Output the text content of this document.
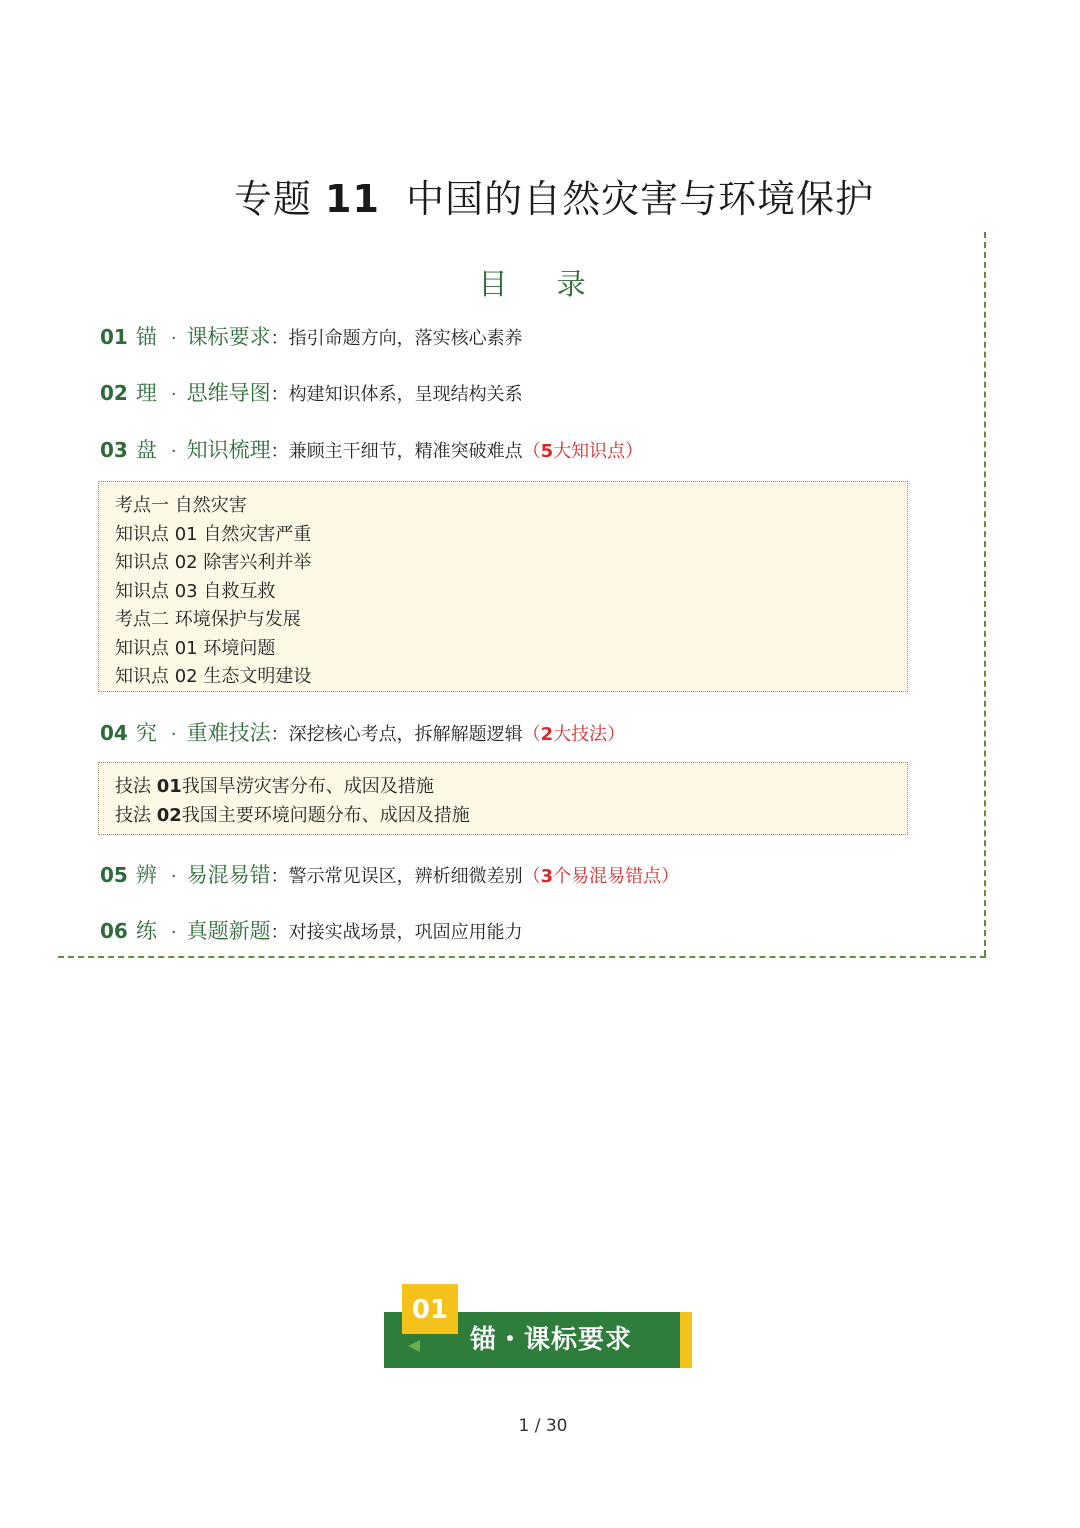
专题 11 中国的自然灾害与环境保护
目 录
01 锚 · 课标要求：指引命题方向，落实核心素养
02 理 · 思维导图：构建知识体系，呈现结构关系
03 盘 · 知识梳理：兼顾主干细节，精准突破难点（5大知识点）
考点一 自然灾害
知识点 01 自然灾害严重
知识点 02 除害兴利并举
知识点 03 自救互救
考点二 环境保护与发展
知识点 01 环境问题
知识点 02 生态文明建设
04 究 · 重难技法：深挖核心考点，拆解解题逻辑（2大技法）
技法 01我国旱涝灾害分布、成因及措施
技法 02我国主要环境问题分布、成因及措施
05 辨 · 易混易错：警示常见误区，辨析细微差别（3个易混易错点）
06 练 · 真题新题：对接实战场景，巩固应用能力
01
锚・课标要求
1 / 30
